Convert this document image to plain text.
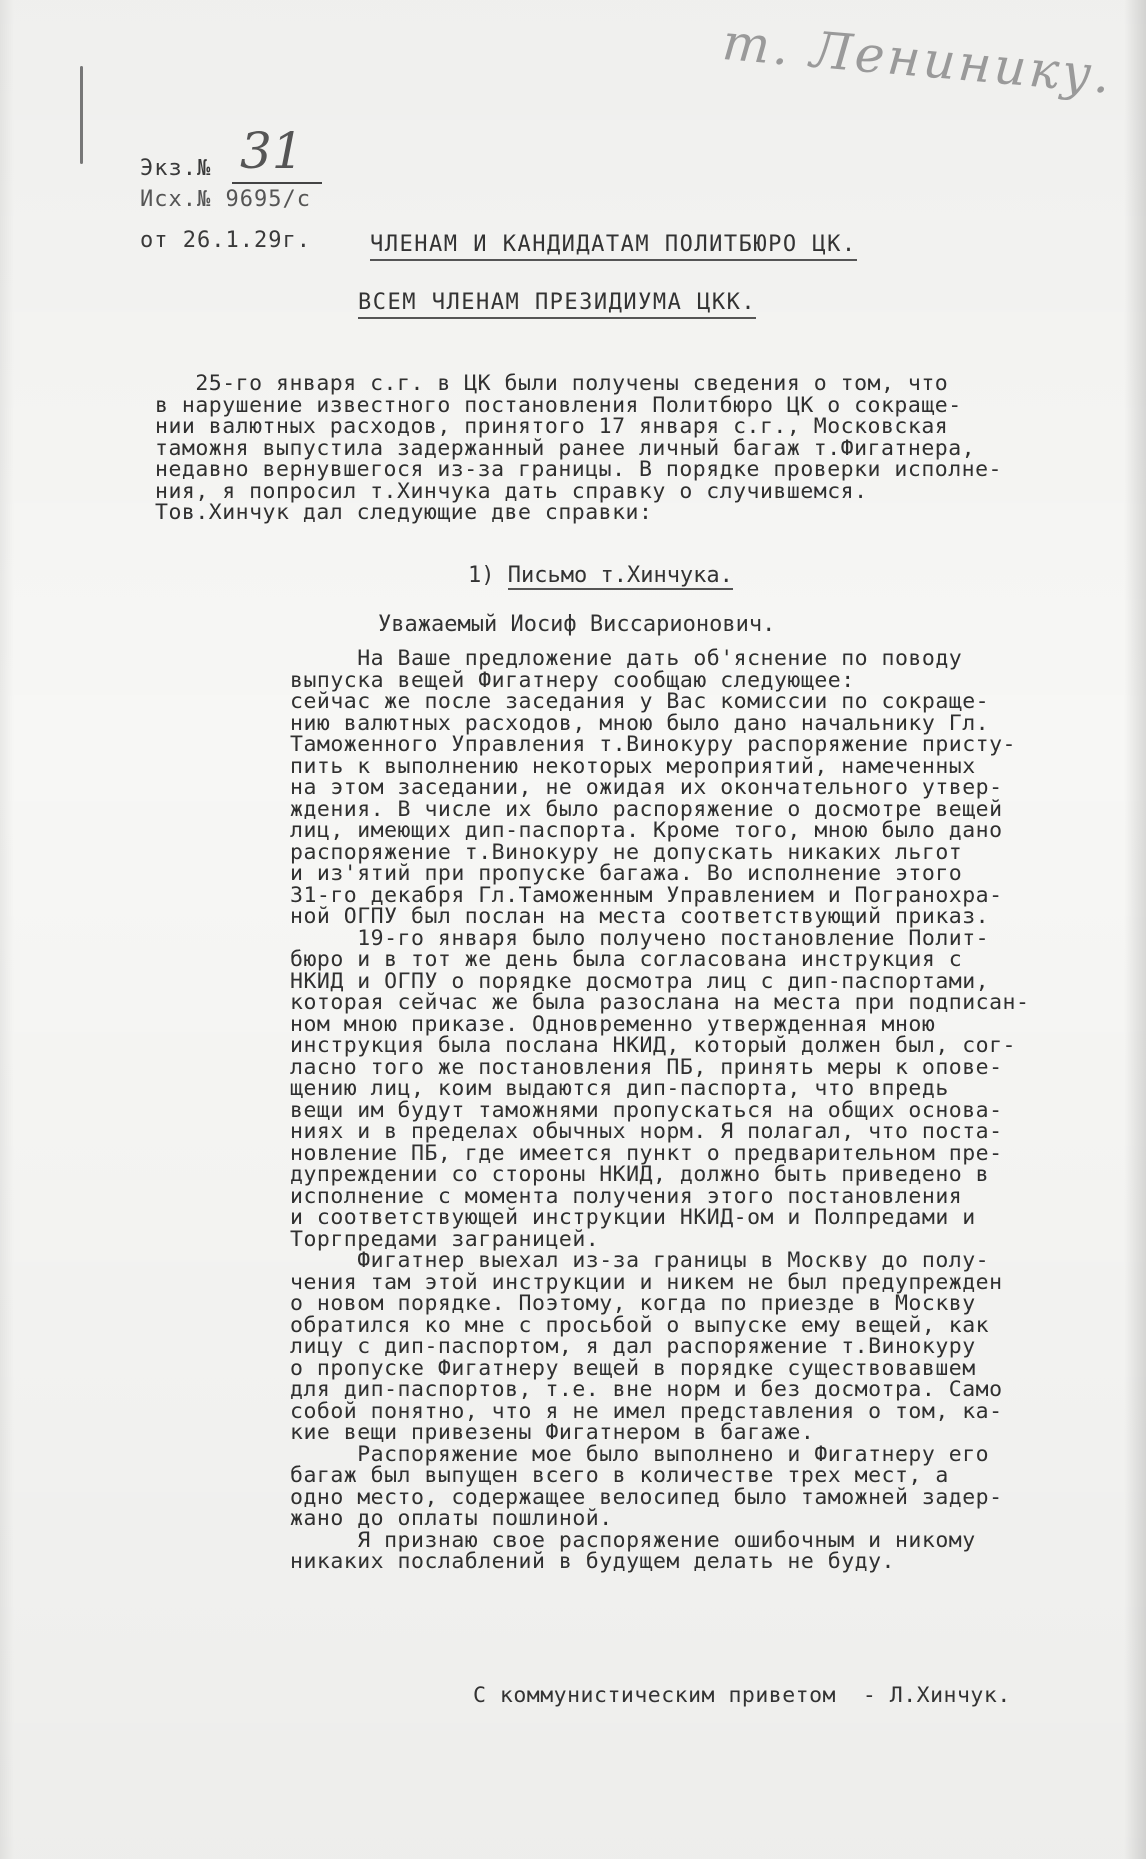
т. Ленинику.
Экз.№ 31
Исх.№ 9695/с
от 26.1.29г.	ЧЛЕНАМ И КАНДИДАТАМ ПОЛИТБЮРО ЦК.
ВСЕМ ЧЛЕНАМ ПРЕЗИДИУМА ЦКК.
25-го января с.г. в ЦК были получены сведения о том, что
в нарушение известного постановления Политбюро ЦК о сокраще-
нии валютных расходов, принятого 17 января с.г., Московская
таможня выпустила задержанный ранее личный багаж т.Фигатнера,
недавно вернувшегося из-за границы. В порядке проверки исполне-
ния, я попросил т.Хинчука дать справку о случившемся.
Тов.Хинчук дал следующие две справки:
1) Письмо т.Хинчука.
Уважаемый Иосиф Виссарионович.
На Ваше предложение дать об'яснение по поводу
выпуска вещей Фигатнеру сообщаю следующее:
сейчас же после заседания у Вас комиссии по сокраще-
нию валютных расходов, мною было дано начальнику Гл.
Таможенного Управления т.Винокуру распоряжение присту-
пить к выполнению некоторых мероприятий, намеченных
на этом заседании, не ожидая их окончательного утвер-
ждения. В числе их было распоряжение о досмотре вещей
лиц, имеющих дип-паспорта. Кроме того, мною было дано
распоряжение т.Винокуру не допускать никаких льгот
и из'ятий при пропуске багажа. Во исполнение этого
31-го декабря Гл.Таможенным Управлением и Погранохра-
ной ОГПУ был послан на места соответствующий приказ.
19-го января было получено постановление Полит-
бюро и в тот же день была согласована инструкция с
НКИД и ОГПУ о порядке досмотра лиц с дип-паспортами,
которая сейчас же была разослана на места при подписан-
ном мною приказе. Одновременно утвержденная мною
инструкция была послана НКИД, который должен был, сог-
ласно того же постановления ПБ, принять меры к опове-
щению лиц, коим выдаются дип-паспорта, что впредь
вещи им будут таможнями пропускаться на общих основа-
ниях и в пределах обычных норм. Я полагал, что поста-
новление ПБ, где имеется пункт о предварительном пре-
дупреждении со стороны НКИД, должно быть приведено в
исполнение с момента получения этого постановления
и соответствующей инструкции НКИД-ом и Полпредами и
Торгпредами заграницей.
Фигатнер выехал из-за границы в Москву до полу-
чения там этой инструкции и никем не был предупрежден
о новом порядке. Поэтому, когда по приезде в Москву
обратился ко мне с просьбой о выпуске ему вещей, как
лицу с дип-паспортом, я дал распоряжение т.Винокуру
о пропуске Фигатнеру вещей в порядке существовавшем
для дип-паспортов, т.е. вне норм и без досмотра. Само
собой понятно, что я не имел представления о том, ка-
кие вещи привезены Фигатнером в багаже.
Распоряжение мое было выполнено и Фигатнеру его
багаж был выпущен всего в количестве трех мест, а
одно место, содержащее велосипед было таможней задер-
жано до оплаты пошлиной.
Я признаю свое распоряжение ошибочным и никому
никаких послаблений в будущем делать не буду.
С коммунистическим приветом  - Л.Хинчук.
